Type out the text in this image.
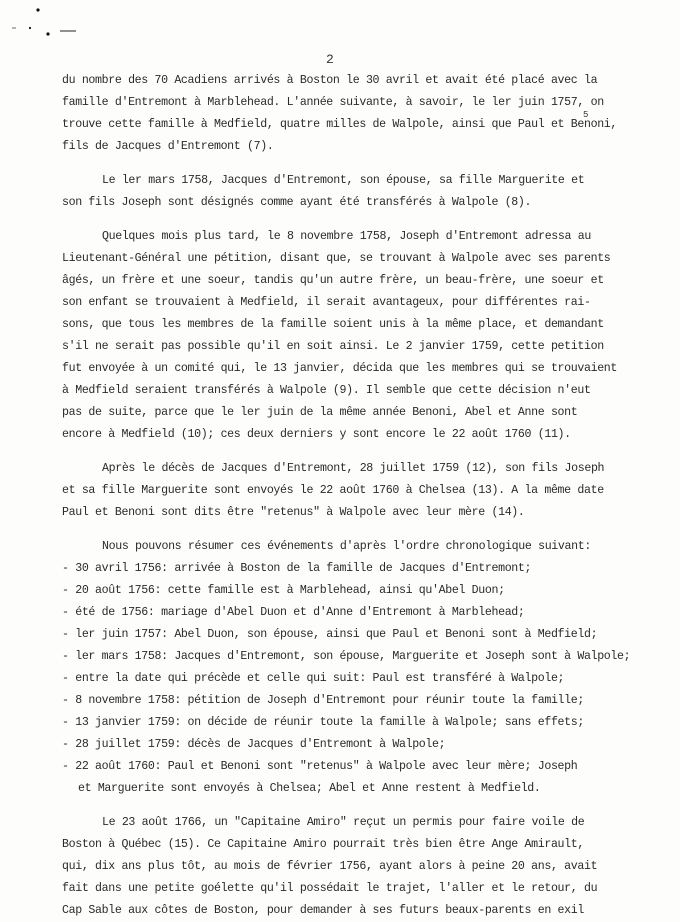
2
du nombre des 70 Acadiens arrivés à Boston le 30 avril et avait été placé avec la
famille d'Entremont à Marblehead. L'année suivante, à savoir, le ler juin 1757, on
trouve cette famille à Medfield, quatre milles de Walpole, ainsi que Paul et Benoni,
fils de Jacques d'Entremont (7).
Le ler mars 1758, Jacques d'Entremont, son épouse, sa fille Marguerite et
son fils Joseph sont désignés comme ayant été transférés à Walpole (8).
Quelques mois plus tard, le 8 novembre 1758, Joseph d'Entremont adressa au
Lieutenant-Général une pétition, disant que, se trouvant à Walpole avec ses parents
âgés, un frère et une soeur, tandis qu'un autre frère, un beau-frère, une soeur et
son enfant se trouvaient à Medfield, il serait avantageux, pour différentes rai-
sons, que tous les membres de la famille soient unis à la même place, et demandant
s'il ne serait pas possible qu'il en soit ainsi. Le 2 janvier 1759, cette petition
fut envoyée à un comité qui, le 13 janvier, décida que les membres qui se trouvaient
à Medfield seraient transférés à Walpole (9). Il semble que cette décision n'eut
pas de suite, parce que le ler juin de la même année Benoni, Abel et Anne sont
encore à Medfield (10); ces deux derniers y sont encore le 22 août 1760 (11).
Après le décès de Jacques d'Entremont, 28 juillet 1759 (12), son fils Joseph
et sa fille Marguerite sont envoyés le 22 août 1760 à Chelsea (13). A la même date
Paul et Benoni sont dits être "retenus" à Walpole avec leur mère (14).
Nous pouvons résumer ces événements d'après l'ordre chronologique suivant:
- 30 avril 1756: arrivée à Boston de la famille de Jacques d'Entremont;
- 20 août 1756: cette famille est à Marblehead, ainsi qu'Abel Duon;
- été de 1756: mariage d'Abel Duon et d'Anne d'Entremont à Marblehead;
- ler juin 1757: Abel Duon, son épouse, ainsi que Paul et Benoni sont à Medfield;
- ler mars 1758: Jacques d'Entremont, son épouse, Marguerite et Joseph sont à Walpole;
- entre la date qui précède et celle qui suit: Paul est transféré à Walpole;
- 8 novembre 1758: pétition de Joseph d'Entremont pour réunir toute la famille;
- 13 janvier 1759: on décide de réunir toute la famille à Walpole; sans effets;
- 28 juillet 1759: décès de Jacques d'Entremont à Walpole;
- 22 août 1760: Paul et Benoni sont "retenus" à Walpole avec leur mère; Joseph
et Marguerite sont envoyés à Chelsea; Abel et Anne restent à Medfield.
Le 23 août 1766, un "Capitaine Amiro" reçut un permis pour faire voile de
Boston à Québec (15). Ce Capitaine Amiro pourrait très bien être Ange Amirault,
qui, dix ans plus tôt, au mois de février 1756, ayant alors à peine 20 ans, avait
fait dans une petite goélette qu'il possédait le trajet, l'aller et le retour, du
Cap Sable aux côtes de Boston, pour demander à ses futurs beaux-parents en exil
5
